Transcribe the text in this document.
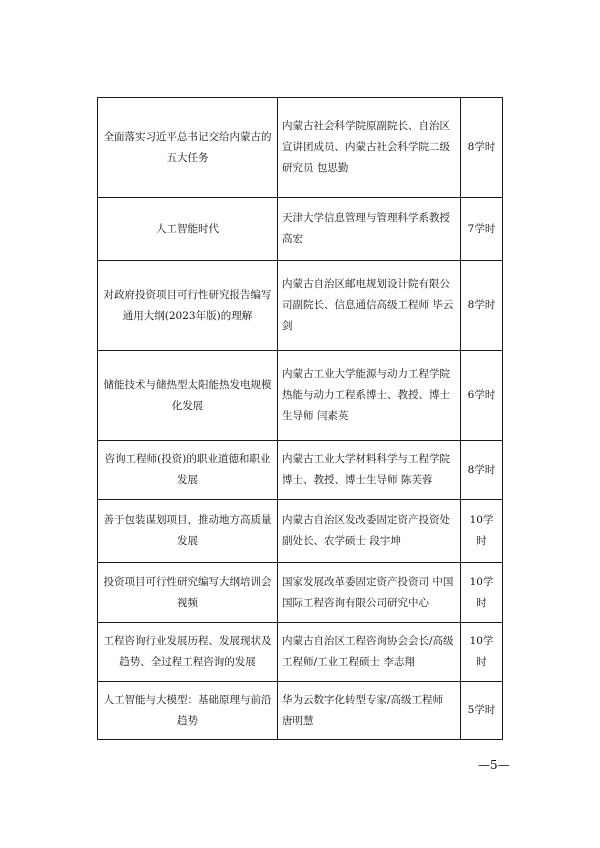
全面落实习近平总书记交给内蒙古的五大任务	内蒙古社会科学院原副院长、自治区宣讲团成员、内蒙古社会科学院二级研究员 包思勤	8学时
人工智能时代	天津大学信息管理与管理科学系教授 高宏	7学时
对政府投资项目可行性研究报告编写通用大纲(2023年版)的理解	内蒙古自治区邮电规划设计院有限公司副院长、信息通信高级工程师 毕云剑	8学时
储能技术与储热型太阳能热发电规模化发展	内蒙古工业大学能源与动力工程学院热能与动力工程系博士、教授、博士生导师 闫素英	6学时
咨询工程师(投资)的职业道德和职业发展	内蒙古工业大学材料科学与工程学院博士、教授、博士生导师 陈芙蓉	8学时
善于包装谋划项目，推动地方高质量发展	内蒙古自治区发改委固定资产投资处副处长、农学硕士 段宇坤	10学时
投资项目可行性研究编写大纲培训会视频	国家发展改革委固定资产投资司 中国国际工程咨询有限公司研究中心	10学时
工程咨询行业发展历程、发展现状及趋势、全过程工程咨询的发展	内蒙古自治区工程咨询协会会长/高级工程师/工业工程硕士 李志翔	10学时
人工智能与大模型：基础原理与前沿趋势	华为云数字化转型专家/高级工程师 唐明慧	5学时
—5—
